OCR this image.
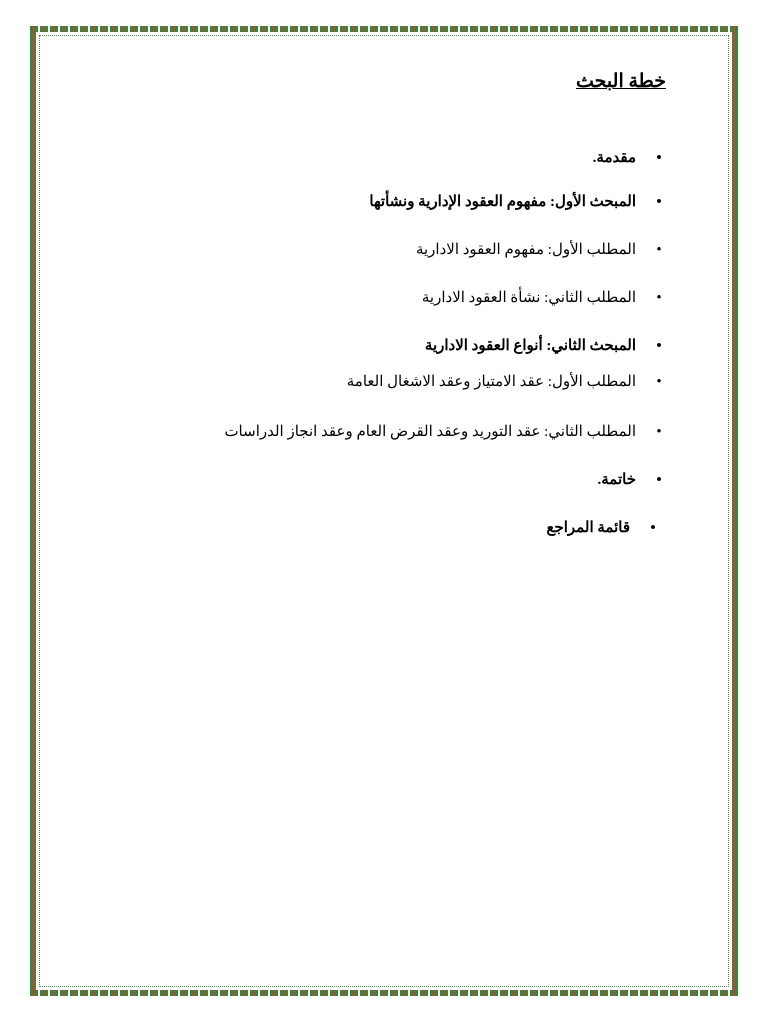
خطة البحث
•مقدمة.
•المبحث الأول: مفهوم العقود الإدارية ونشأتها
•المطلب الأول: مفهوم العقود الادارية
•المطلب الثاني: نشأة العقود الادارية
•المبحث الثاني: أنواع العقود الادارية
•المطلب الأول: عقد الامتياز وعقد الاشغال العامة
•المطلب الثاني: عقد التوريد وعقد القرض العام وعقد انجاز الدراسات
•خاتمة.
•قائمة المراجع
